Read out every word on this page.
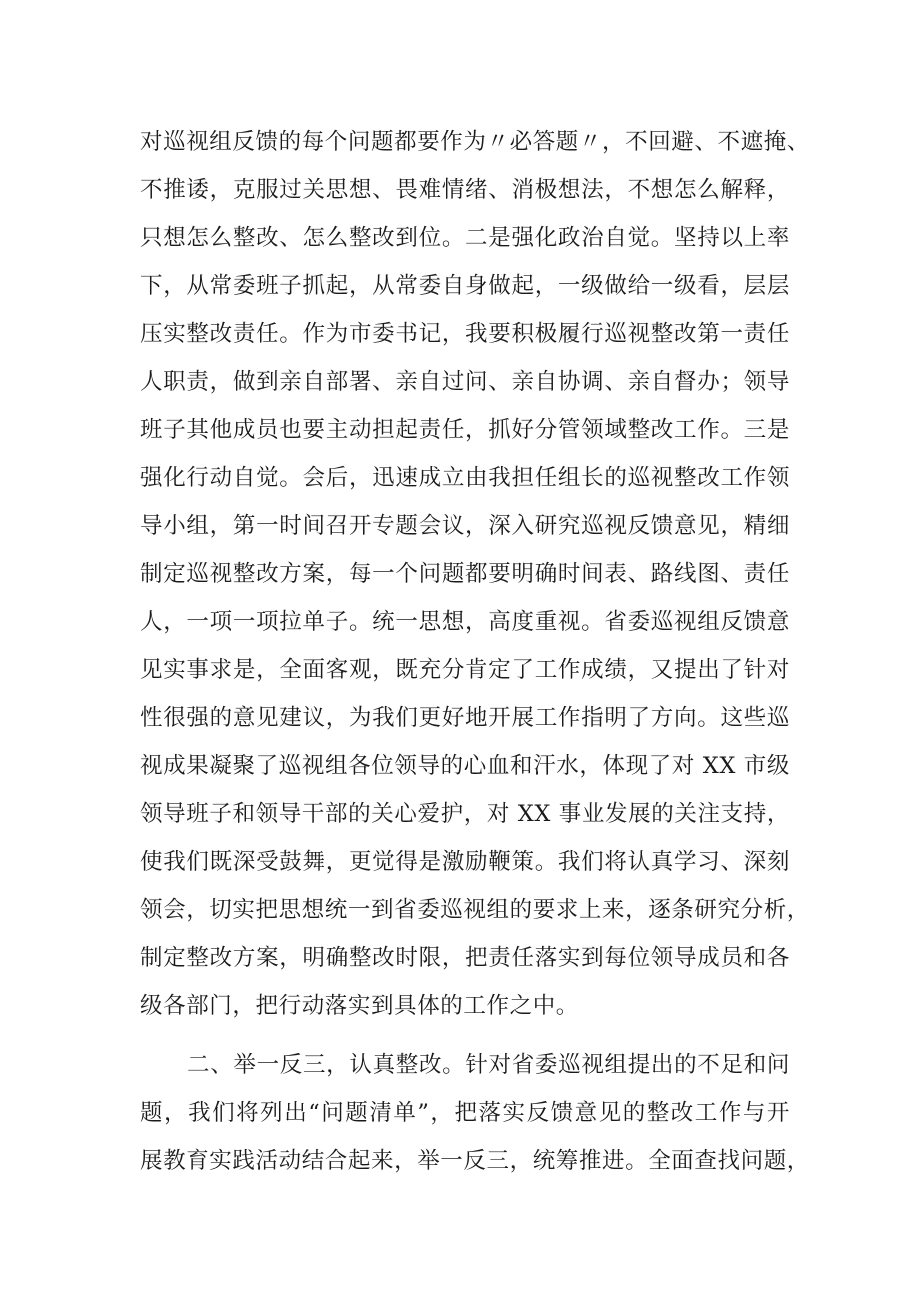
对巡视组反馈的每个问题都要作为〃必答题〃，不回避、不遮掩、
不推诿，克服过关思想、畏难情绪、消极想法，不想怎么解释，
只想怎么整改、怎么整改到位。二是强化政治自觉。坚持以上率
下，从常委班子抓起，从常委自身做起，一级做给一级看，层层
压实整改责任。作为市委书记，我要积极履行巡视整改第一责任
人职责，做到亲自部署、亲自过问、亲自协调、亲自督办；领导
班子其他成员也要主动担起责任，抓好分管领域整改工作。三是
强化行动自觉。会后，迅速成立由我担任组长的巡视整改工作领
导小组，第一时间召开专题会议，深入研究巡视反馈意见，精细
制定巡视整改方案，每一个问题都要明确时间表、路线图、责任
人，一项一项拉单子。统一思想，高度重视。省委巡视组反馈意
见实事求是，全面客观，既充分肯定了工作成绩，又提出了针对
性很强的意见建议，为我们更好地开展工作指明了方向。这些巡
视成果凝聚了巡视组各位领导的心血和汗水，体现了对 XX 市级
领导班子和领导干部的关心爱护，对 XX 事业发展的关注支持，
使我们既深受鼓舞，更觉得是激励鞭策。我们将认真学习、深刻
领会，切实把思想统一到省委巡视组的要求上来，逐条研究分析，
制定整改方案，明确整改时限，把责任落实到每位领导成员和各
级各部门，把行动落实到具体的工作之中。
二、举一反三，认真整改。针对省委巡视组提出的不足和问
题，我们将列出“问题清单”，把落实反馈意见的整改工作与开
展教育实践活动结合起来，举一反三，统筹推进。全面查找问题，
